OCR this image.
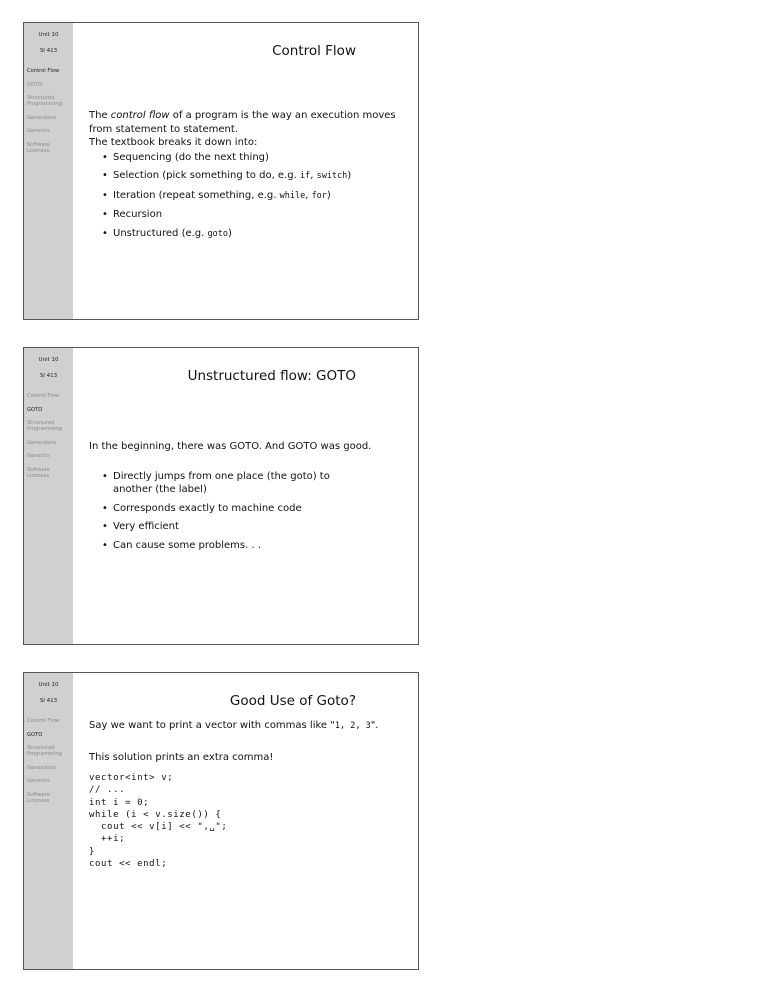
Unit 10
SI 413
Control Flow
GOTO
Structured
Programming
Generators
Generics
Software
Licenses
Control Flow

The control flow of a program is the way an execution moves from statement to statement.

The textbook breaks it down into:

• Sequencing (do the next thing)
• Selection (pick something to do, e.g. if, switch)
• Iteration (repeat something, e.g. while, for)
• Recursion
• Unstructured (e.g. goto)
Unit 10
SI 413
Control Flow
GOTO
Structured
Programming
Generators
Generics
Software
Licenses
Unstructured flow: GOTO

In the beginning, there was GOTO. And GOTO was good.

• Directly jumps from one place (the goto) to another (the label)
• Corresponds exactly to machine code
• Very efficient
• Can cause some problems. . .
Unit 10
SI 413
Control Flow
GOTO
Structured
Programming
Generators
Generics
Software
Licenses
Good Use of Goto?

Say we want to print a vector with commas like "1, 2, 3".

This solution prints an extra comma!

vector<int> v;
// ...
int i = 0;
while (i < v.size()) {
cout << v[i] << ",␣";
++i;
}
cout << endl;
